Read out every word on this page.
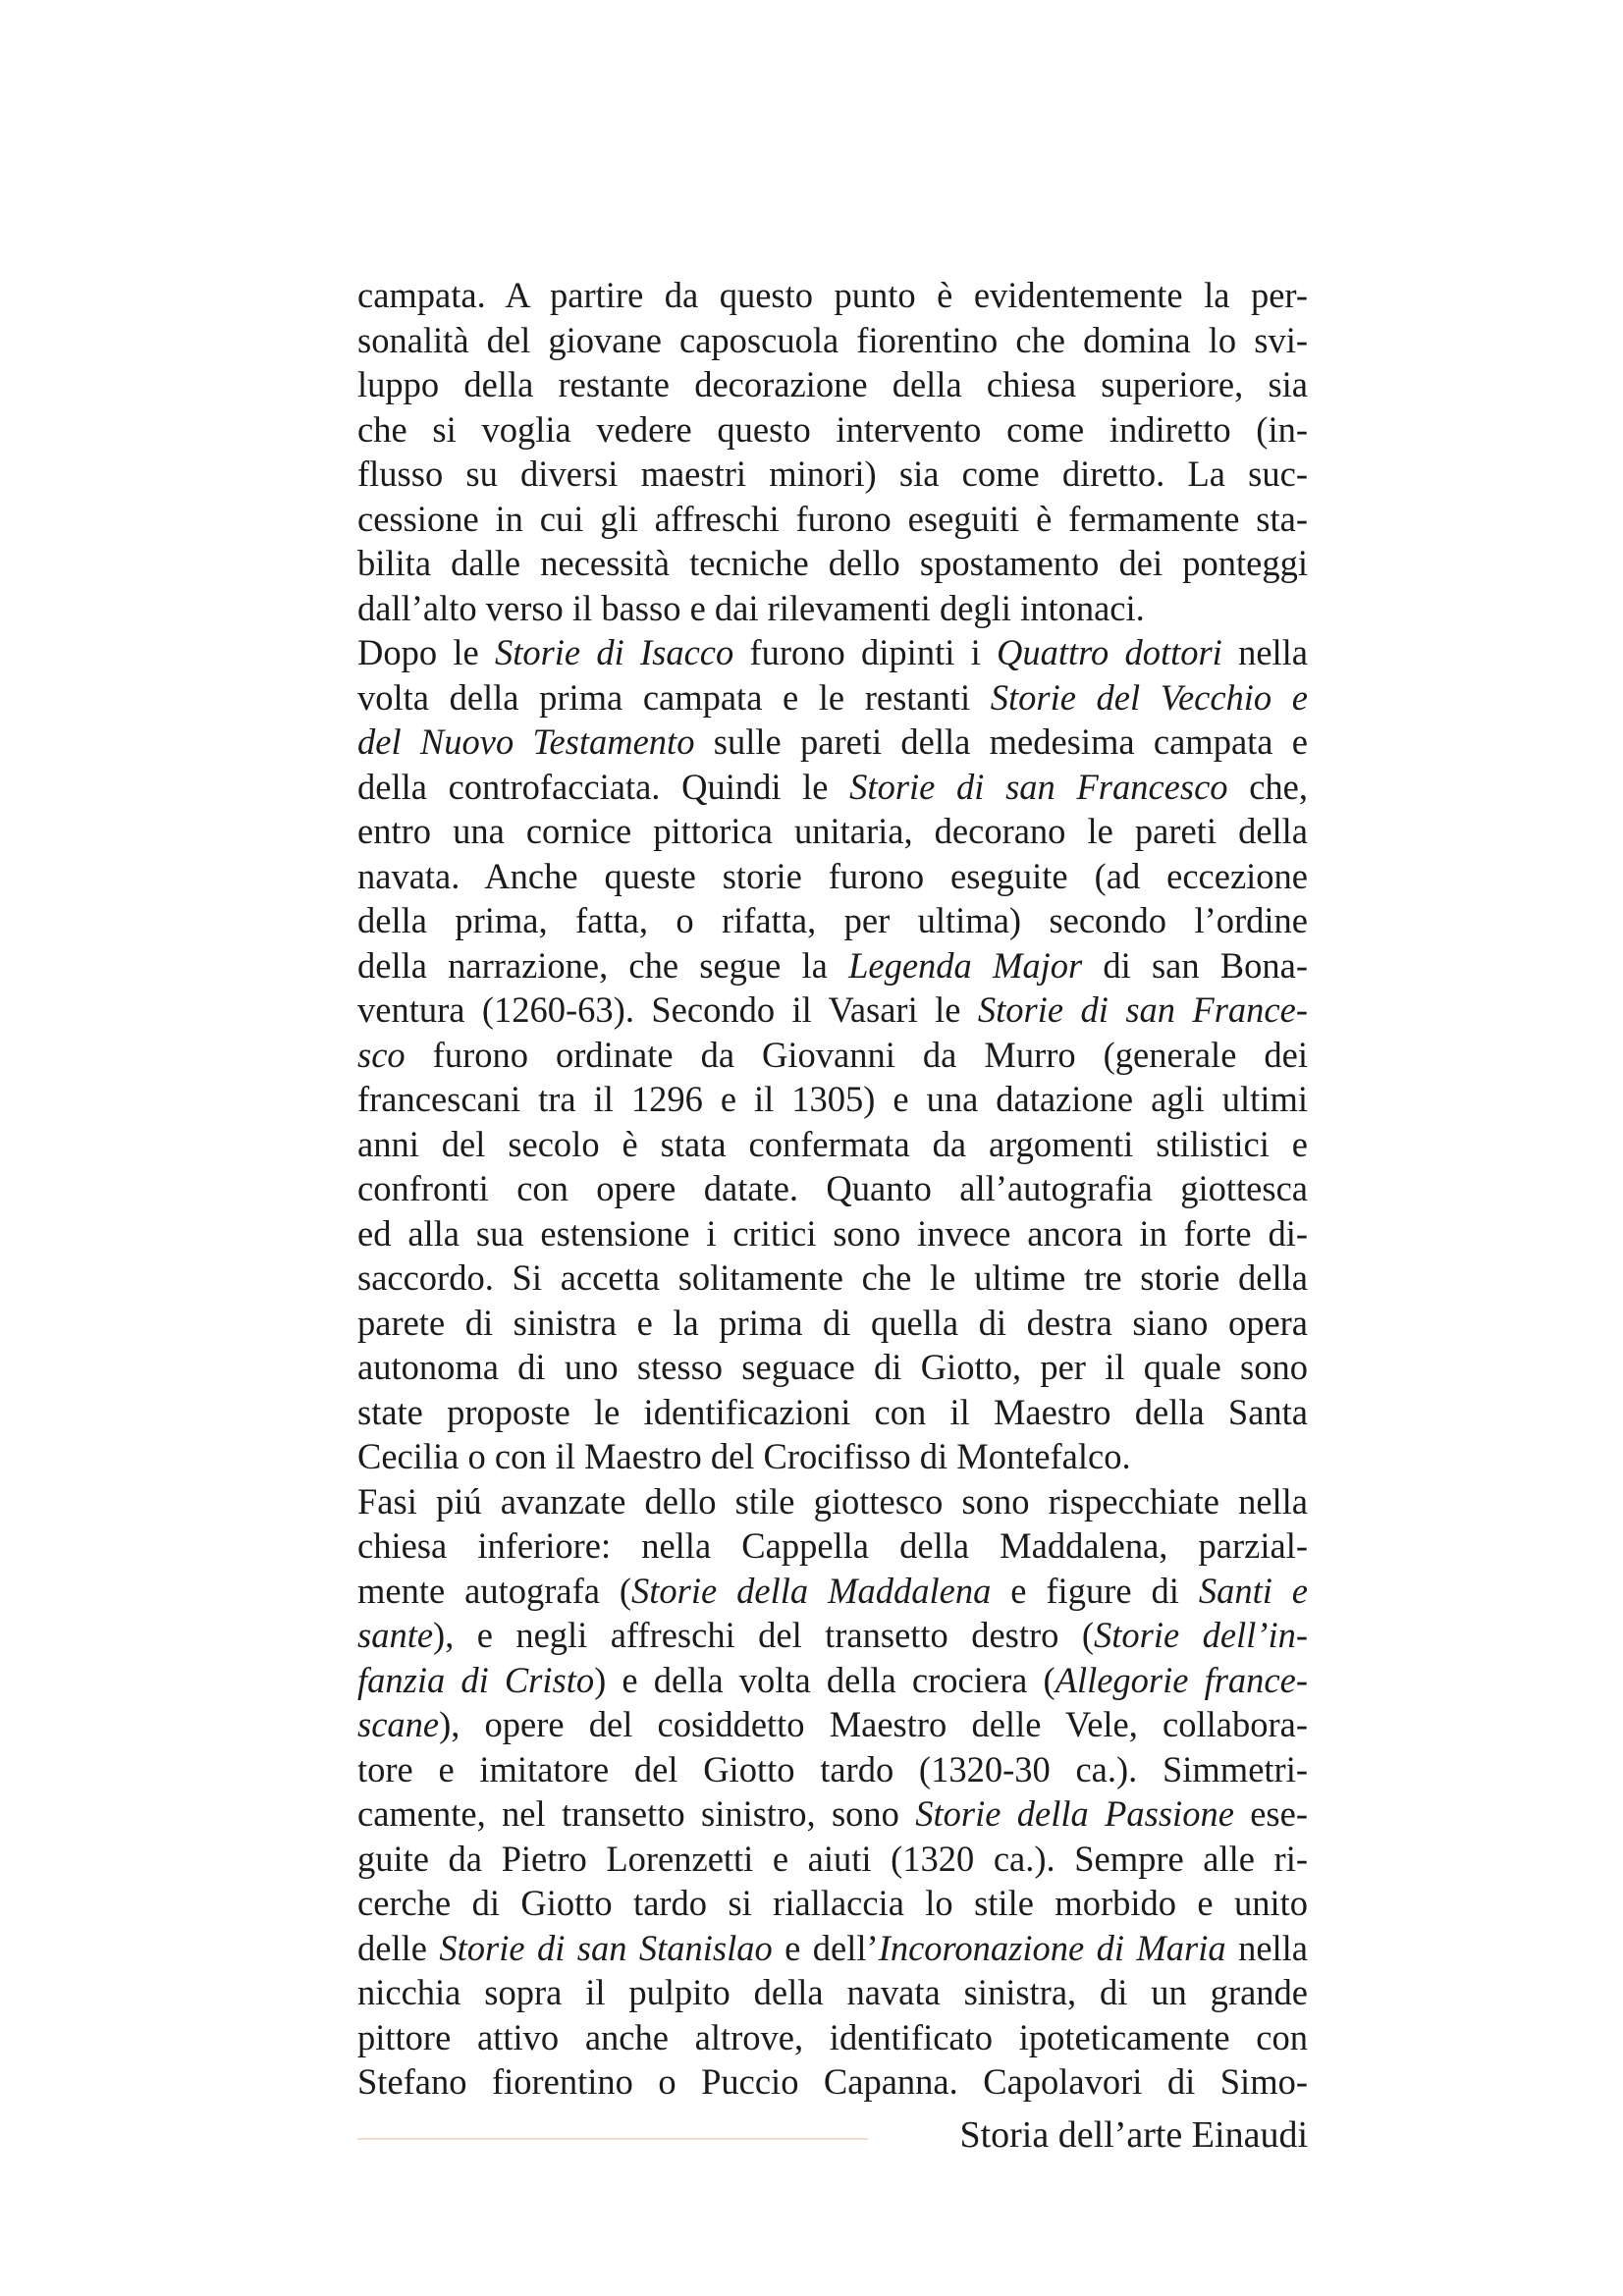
campata. A partire da questo punto è evidentemente la per-
sonalità del giovane caposcuola fiorentino che domina lo svi-
luppo della restante decorazione della chiesa superiore, sia
che si voglia vedere questo intervento come indiretto (in-
flusso su diversi maestri minori) sia come diretto. La suc-
cessione in cui gli affreschi furono eseguiti è fermamente sta-
bilita dalle necessità tecniche dello spostamento dei ponteggi
dall’alto verso il basso e dai rilevamenti degli intonaci.
Dopo le Storie di Isacco furono dipinti i Quattro dottori nella
volta della prima campata e le restanti Storie del Vecchio e
del Nuovo Testamento sulle pareti della medesima campata e
della controfacciata. Quindi le Storie di san Francesco che,
entro una cornice pittorica unitaria, decorano le pareti della
navata. Anche queste storie furono eseguite (ad eccezione
della prima, fatta, o rifatta, per ultima) secondo l’ordine
della narrazione, che segue la Legenda Major di san Bona-
ventura (1260-63). Secondo il Vasari le Storie di san France-
sco furono ordinate da Giovanni da Murro (generale dei
francescani tra il 1296 e il 1305) e una datazione agli ultimi
anni del secolo è stata confermata da argomenti stilistici e
confronti con opere datate. Quanto all’autografia giottesca
ed alla sua estensione i critici sono invece ancora in forte di-
saccordo. Si accetta solitamente che le ultime tre storie della
parete di sinistra e la prima di quella di destra siano opera
autonoma di uno stesso seguace di Giotto, per il quale sono
state proposte le identificazioni con il Maestro della Santa
Cecilia o con il Maestro del Crocifisso di Montefalco.
Fasi piú avanzate dello stile giottesco sono rispecchiate nella
chiesa inferiore: nella Cappella della Maddalena, parzial-
mente autografa (Storie della Maddalena e figure di Santi e
sante), e negli affreschi del transetto destro (Storie dell’in-
fanzia di Cristo) e della volta della crociera (Allegorie france-
scane), opere del cosiddetto Maestro delle Vele, collabora-
tore e imitatore del Giotto tardo (1320-30 ca.). Simmetri-
camente, nel transetto sinistro, sono Storie della Passione ese-
guite da Pietro Lorenzetti e aiuti (1320 ca.). Sempre alle ri-
cerche di Giotto tardo si riallaccia lo stile morbido e unito
delle Storie di san Stanislao e dell’Incoronazione di Maria nella
nicchia sopra il pulpito della navata sinistra, di un grande
pittore attivo anche altrove, identificato ipoteticamente con
Stefano fiorentino o Puccio Capanna. Capolavori di Simo-
Storia dell’arte Einaudi
